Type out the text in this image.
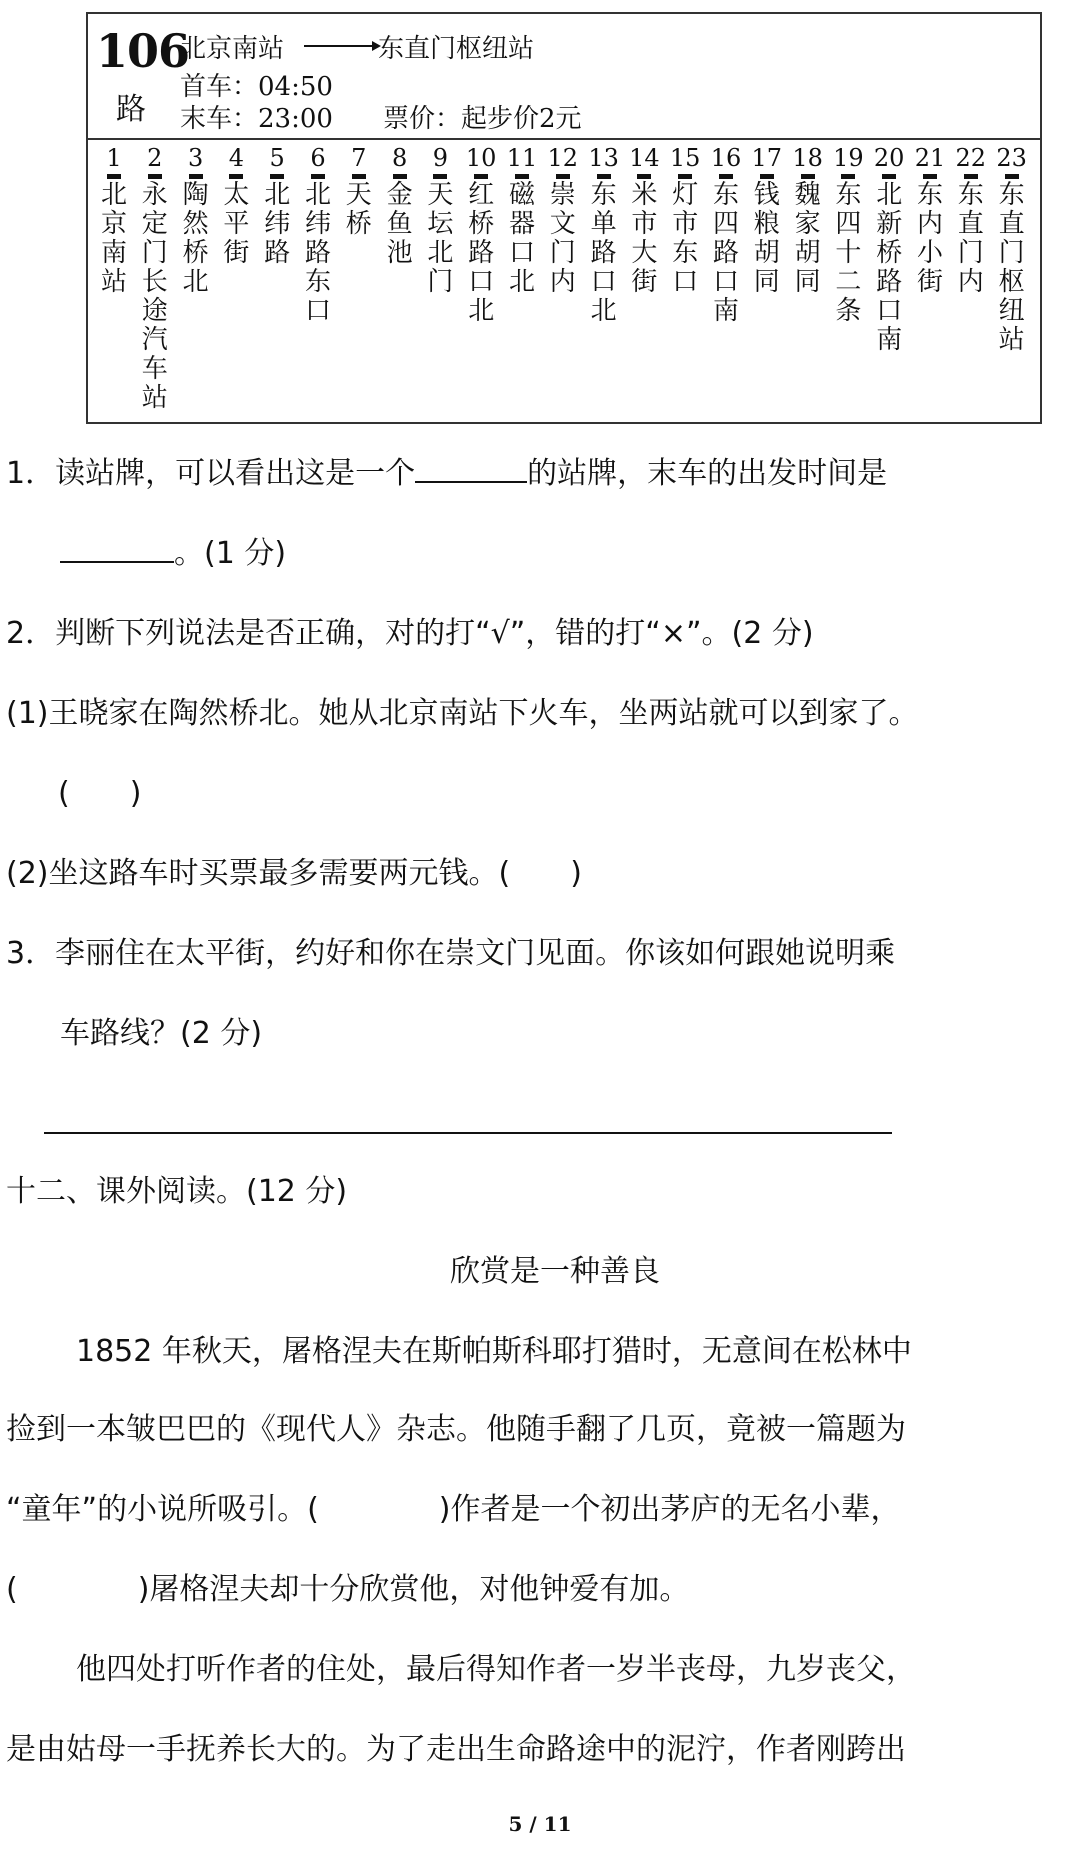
106
路
北京南站	东直门枢纽站
首车：04:50
末车：23:00 票价：起步价2元
1
北京南站
2
永定门长途汽车站
3
陶然桥北
4
太平街
5
北纬路
6
北纬路东口
7
天桥
8
金鱼池
9
天坛北门
10
红桥路口北
11
磁器口北
12
崇文门内
13
东单路口北
14
米市大街
15
灯市东口
16
东四路口南
17
钱粮胡同
18
魏家胡同
19
东四十二条
20
北新桥路口南
21
东内小街
22
东直门内
23
东直门枢纽站
1．读站牌，可以看出这是一个	的站牌，末车的出发时间是
。(1 分)
2．判断下列说法是否正确，对的打“√”，错的打“×”。(2 分)
(1)王晓家在陶然桥北。她从北京南站下火车，坐两站就可以到家了。
(　　)
(2)坐这路车时买票最多需要两元钱。(　　)
3．李丽住在太平街，约好和你在崇文门见面。你该如何跟她说明乘
车路线？(2 分)
十二、课外阅读。(12 分)
欣赏是一种善良
1852 年秋天，屠格涅夫在斯帕斯科耶打猎时，无意间在松林中
捡到一本皱巴巴的《现代人》杂志。他随手翻了几页，竟被一篇题为
“童年”的小说所吸引。(　　　　)作者是一个初出茅庐的无名小辈，
(　　　　)屠格涅夫却十分欣赏他，对他钟爱有加。
他四处打听作者的住处，最后得知作者一岁半丧母，九岁丧父，
是由姑母一手抚养长大的。为了走出生命路途中的泥泞，作者刚跨出
5 / 11
